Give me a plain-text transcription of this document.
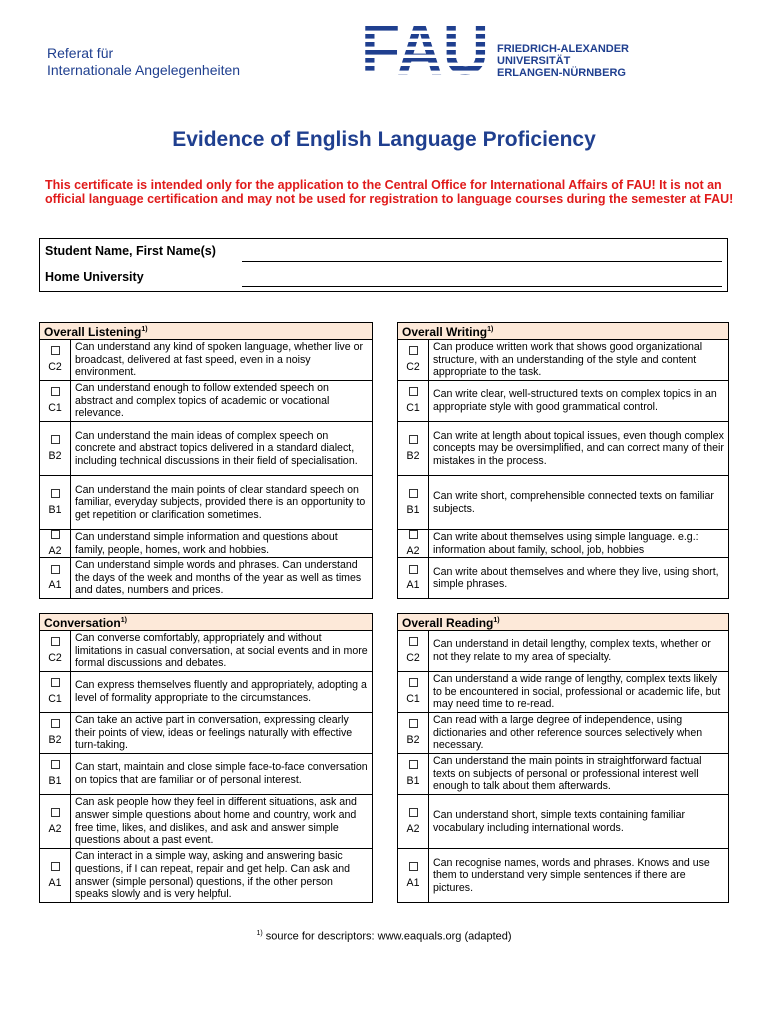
Referat für
Internationale Angelegenheiten FAU FRIEDRICH-ALEXANDER
UNIVERSITÄT
ERLANGEN-NÜRNBERG
Evidence of English Language Proficiency
This certificate is intended only for the application to the Central Office for International Affairs of FAU! It is not an official language certification and may not be used for registration to language courses during the semester at FAU!
Student Name, First Name(s)
Home University
Overall Listening$^{1)}$

C2	Can understand any kind of spoken language, whether live or broadcast, delivered at fast speed, even in a noisy environment.

C1	Can understand enough to follow extended speech on abstract and complex topics of academic or vocational relevance.

B2	Can understand the main ideas of complex speech on concrete and abstract topics delivered in a standard dialect, including technical discussions in their field of specialisation.

B1	Can understand the main points of clear standard speech on familiar, everyday subjects, provided there is an opportunity to get repetition or clarification sometimes.

A2	Can understand simple information and questions about family, people, homes, work and hobbies.

A1	Can understand simple words and phrases. Can understand the days of the week and months of the year as well as times and dates, numbers and prices.
Overall Writing$^{1)}$

C2	Can produce written work that shows good organizational structure, with an understanding of the style and content appropriate to the task.

C1	Can write clear, well-structured texts on complex topics in an appropriate style with good grammatical control.

B2	Can write at length about topical issues, even though complex concepts may be oversimplified, and can correct many of their mistakes in the process.

B1	Can write short, comprehensible connected texts on familiar subjects.

A2	Can write about themselves using simple language. e.g.: information about family, school, job, hobbies

A1	Can write about themselves and where they live, using short, simple phrases.
Conversation$^{1)}$

C2	Can converse comfortably, appropriately and without limitations in casual conversation, at social events and in more formal discussions and debates.

C1	Can express themselves fluently and appropriately, adopting a level of formality appropriate to the circumstances.

B2	Can take an active part in conversation, expressing clearly their points of view, ideas or feelings naturally with effective turn-taking.

B1	Can start, maintain and close simple face-to-face conversation on topics that are familiar or of personal interest.

A2	Can ask people how they feel in different situations, ask and answer simple questions about home and country, work and free time, likes, and dislikes, and ask and answer simple questions about a past event.

A1	Can interact in a simple way, asking and answering basic questions, if I can repeat, repair and get help. Can ask and answer (simple personal) questions, if the other person speaks slowly and is very helpful.
Overall Reading$^{1)}$

C2	Can understand in detail lengthy, complex texts, whether or not they relate to my area of specialty.

C1	Can understand a wide range of lengthy, complex texts likely to be encountered in social, professional or academic life, but may need time to re-read.

B2	Can read with a large degree of independence, using dictionaries and other reference sources selectively when necessary.

B1	Can understand the main points in straightforward factual texts on subjects of personal or professional interest well enough to talk about them afterwards.

A2	Can understand short, simple texts containing familiar vocabulary including international words.

A1	Can recognise names, words and phrases. Knows and use them to understand very simple sentences if there are pictures.
$^{1)}$ source for descriptors: www.eaquals.org (adapted)
